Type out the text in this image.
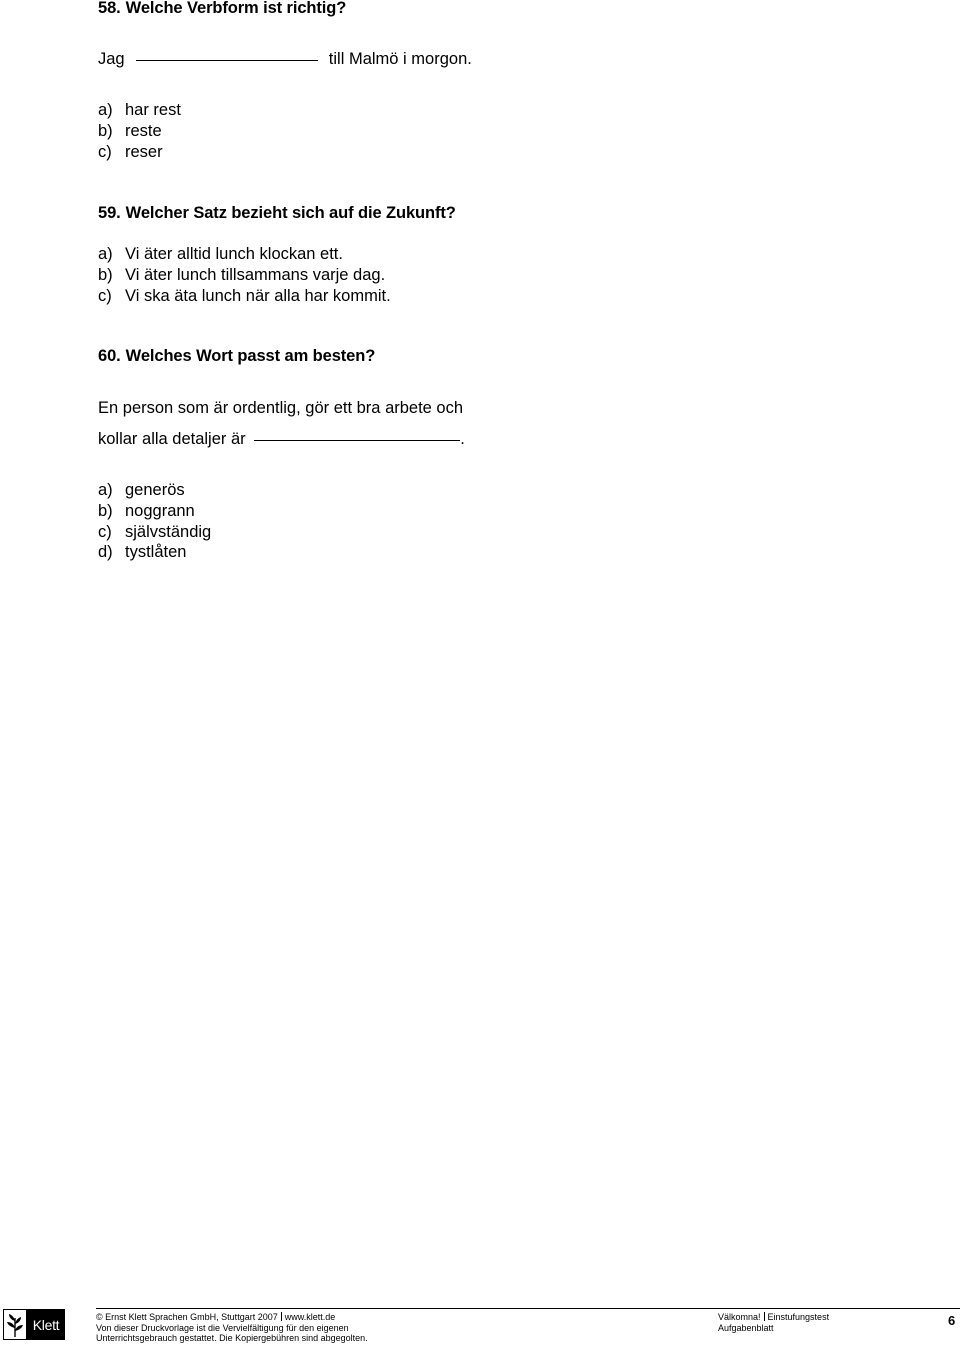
58. Welche Verbform ist richtig?
Jag	till Malmö i morgon.
a) har rest
b) reste
c) reser
59. Welcher Satz bezieht sich auf die Zukunft?
a) Vi äter alltid lunch klockan ett.
b) Vi äter lunch tillsammans varje dag.
c) Vi ska äta lunch när alla har kommit.
60. Welches Wort passt am besten?
En person som är ordentlig, gör ett bra arbete och
kollar alla detaljer är	.
a) generös
b) noggrann
c) självständig
d) tystlåten
Klett	© Ernst Klett Sprachen GmbH, Stuttgart 2007 www.klett.de
Von dieser Druckvorlage ist die Vervielfältigung für den eigenen
Unterrichtsgebrauch gestattet. Die Kopiergebühren sind abgegolten.
Välkomna! Einstufungstest
Aufgabenblatt	6
